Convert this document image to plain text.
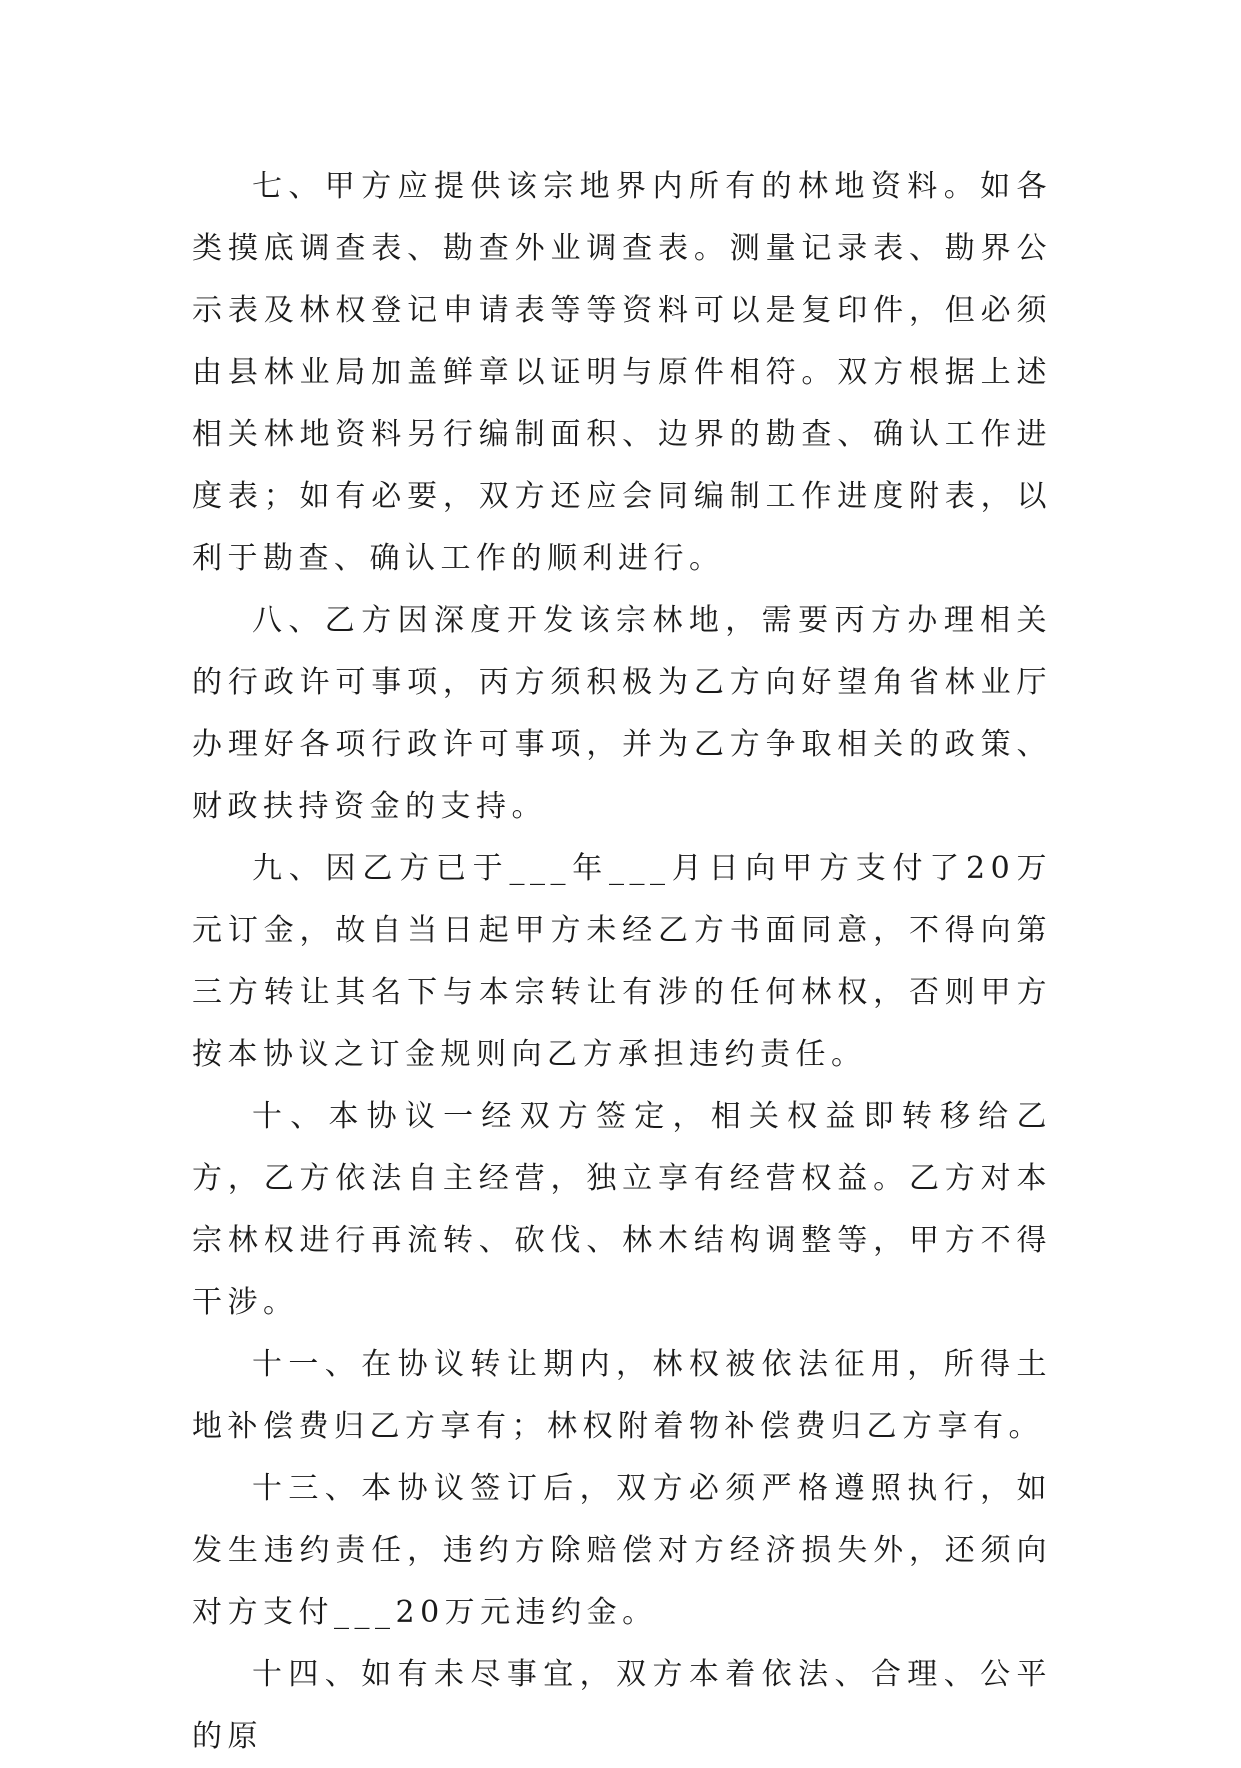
七、甲方应提供该宗地界内所有的林地资料。如各类摸底调查表、勘查外业调查表。测量记录表、勘界公示表及林权登记申请表等等资料可以是复印件，但必须由县林业局加盖鲜章以证明与原件相符。双方根据上述相关林地资料另行编制面积、边界的勘查、确认工作进度表；如有必要，双方还应会同编制工作进度附表，以利于勘查、确认工作的顺利进行。

八、乙方因深度开发该宗林地，需要丙方办理相关的行政许可事项，丙方须积极为乙方向好望角省林业厅办理好各项行政许可事项，并为乙方争取相关的政策、财政扶持资金的支持。

九、因乙方已于___年___月日向甲方支付了20万元订金，故自当日起甲方未经乙方书面同意，不得向第三方转让其名下与本宗转让有涉的任何林权，否则甲方按本协议之订金规则向乙方承担违约责任。

十、本协议一经双方签定，相关权益即转移给乙方，乙方依法自主经营，独立享有经营权益。乙方对本宗林权进行再流转、砍伐、林木结构调整等，甲方不得干涉。

十一、在协议转让期内，林权被依法征用，所得土地补偿费归乙方享有；林权附着物补偿费归乙方享有。

十三、本协议签订后，双方必须严格遵照执行，如发生违约责任，违约方除赔偿对方经济损失外，还须向对方支付___20万元违约金。

十四、如有未尽事宜，双方本着依法、合理、公平的原
